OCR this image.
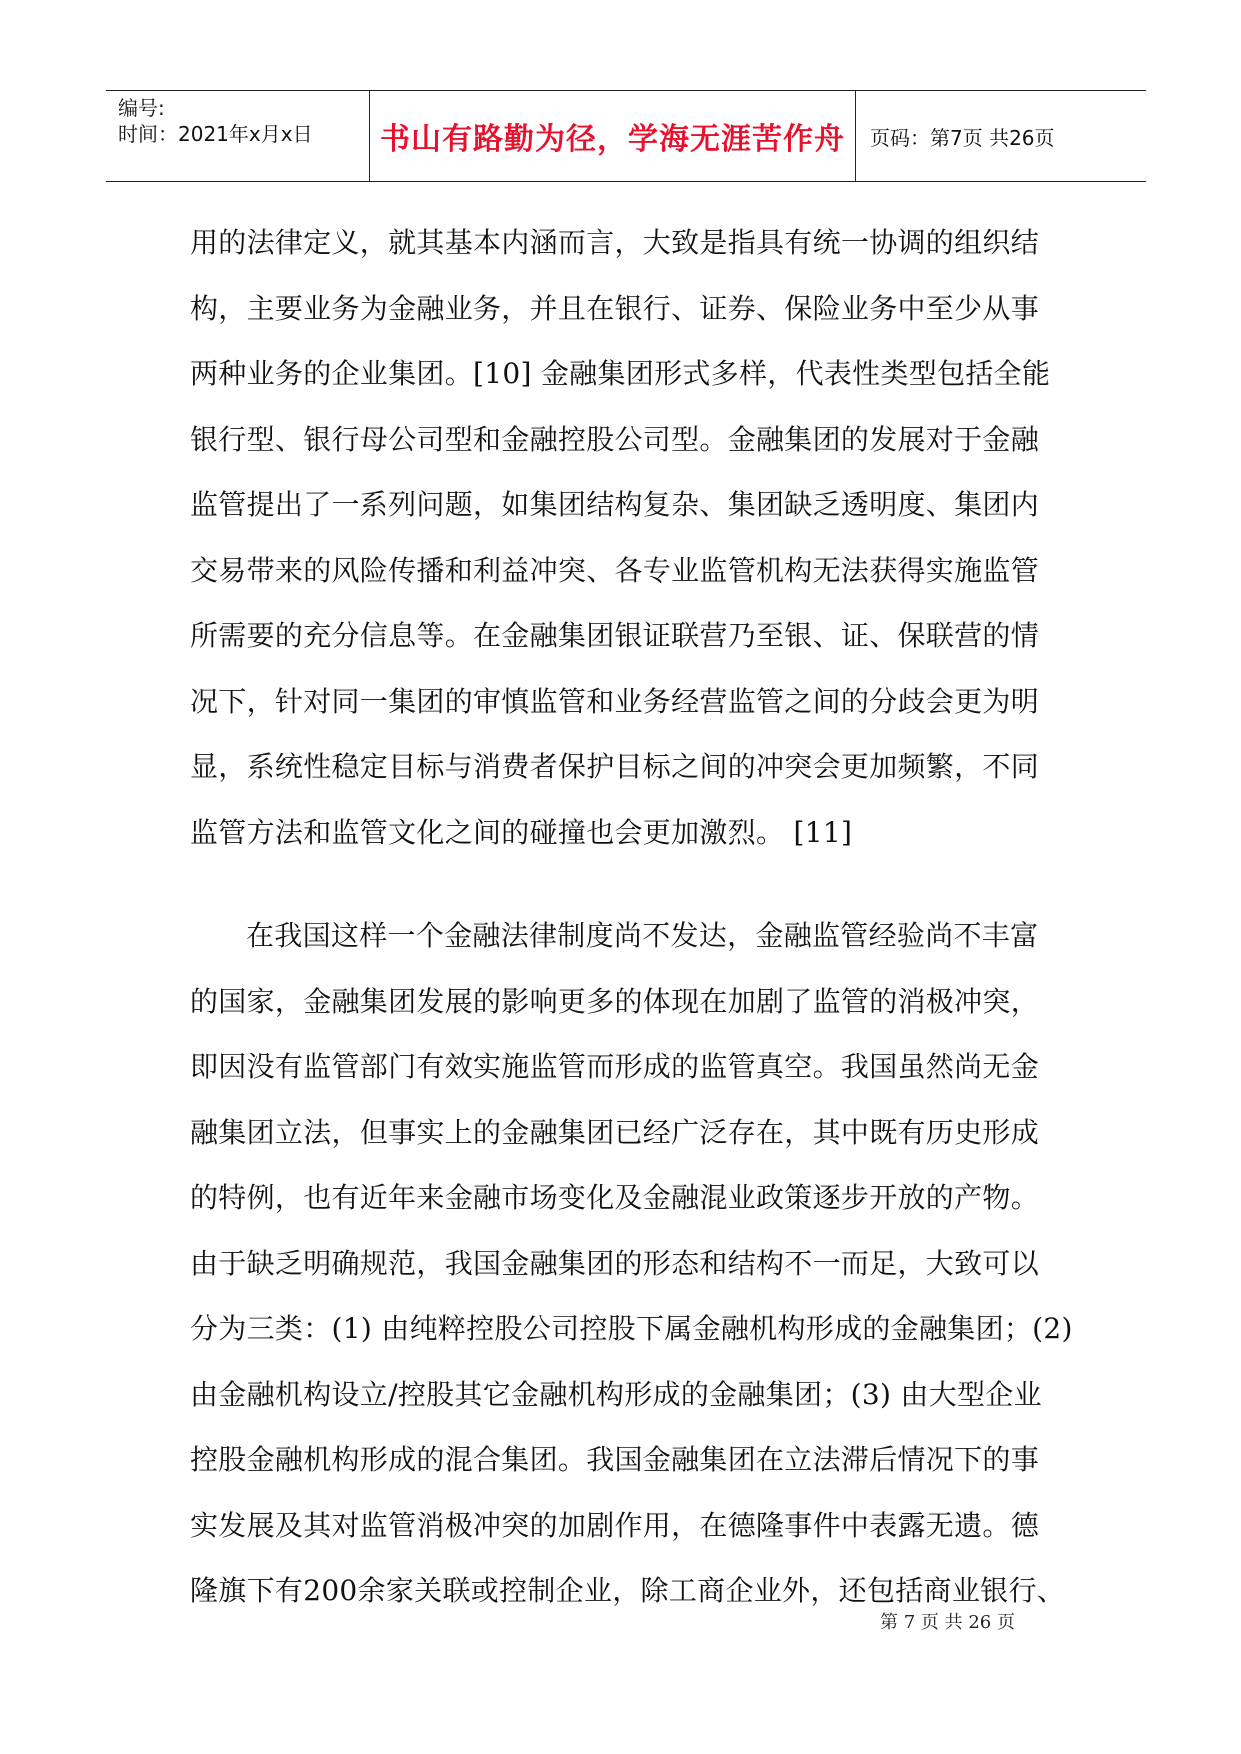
编号:
时间：2021年x月x日 书山有路勤为径，学海无涯苦作舟 页码：第7页 共26页
用的法律定义，就其基本内涵而言，大致是指具有统一协调的组织结
构，主要业务为金融业务，并且在银行、证券、保险业务中至少从事
两种业务的企业集团。[10] 金融集团形式多样，代表性类型包括全能
银行型、银行母公司型和金融控股公司型。金融集团的发展对于金融
监管提出了一系列问题，如集团结构复杂、集团缺乏透明度、集团内
交易带来的风险传播和利益冲突、各专业监管机构无法获得实施监管
所需要的充分信息等。在金融集团银证联营乃至银、证、保联营的情
况下，针对同一集团的审慎监管和业务经营监管之间的分歧会更为明
显，系统性稳定目标与消费者保护目标之间的冲突会更加频繁，不同
监管方法和监管文化之间的碰撞也会更加激烈。 [11]
在我国这样一个金融法律制度尚不发达，金融监管经验尚不丰富
的国家，金融集团发展的影响更多的体现在加剧了监管的消极冲突，
即因没有监管部门有效实施监管而形成的监管真空。我国虽然尚无金
融集团立法，但事实上的金融集团已经广泛存在，其中既有历史形成
的特例，也有近年来金融市场变化及金融混业政策逐步开放的产物。
由于缺乏明确规范，我国金融集团的形态和结构不一而足，大致可以
分为三类：(1) 由纯粹控股公司控股下属金融机构形成的金融集团；(2)
由金融机构设立/控股其它金融机构形成的金融集团；(3) 由大型企业
控股金融机构形成的混合集团。我国金融集团在立法滞后情况下的事
实发展及其对监管消极冲突的加剧作用，在德隆事件中表露无遗。德
隆旗下有200余家关联或控制企业，除工商企业外，还包括商业银行、
第 7 页 共 26 页
